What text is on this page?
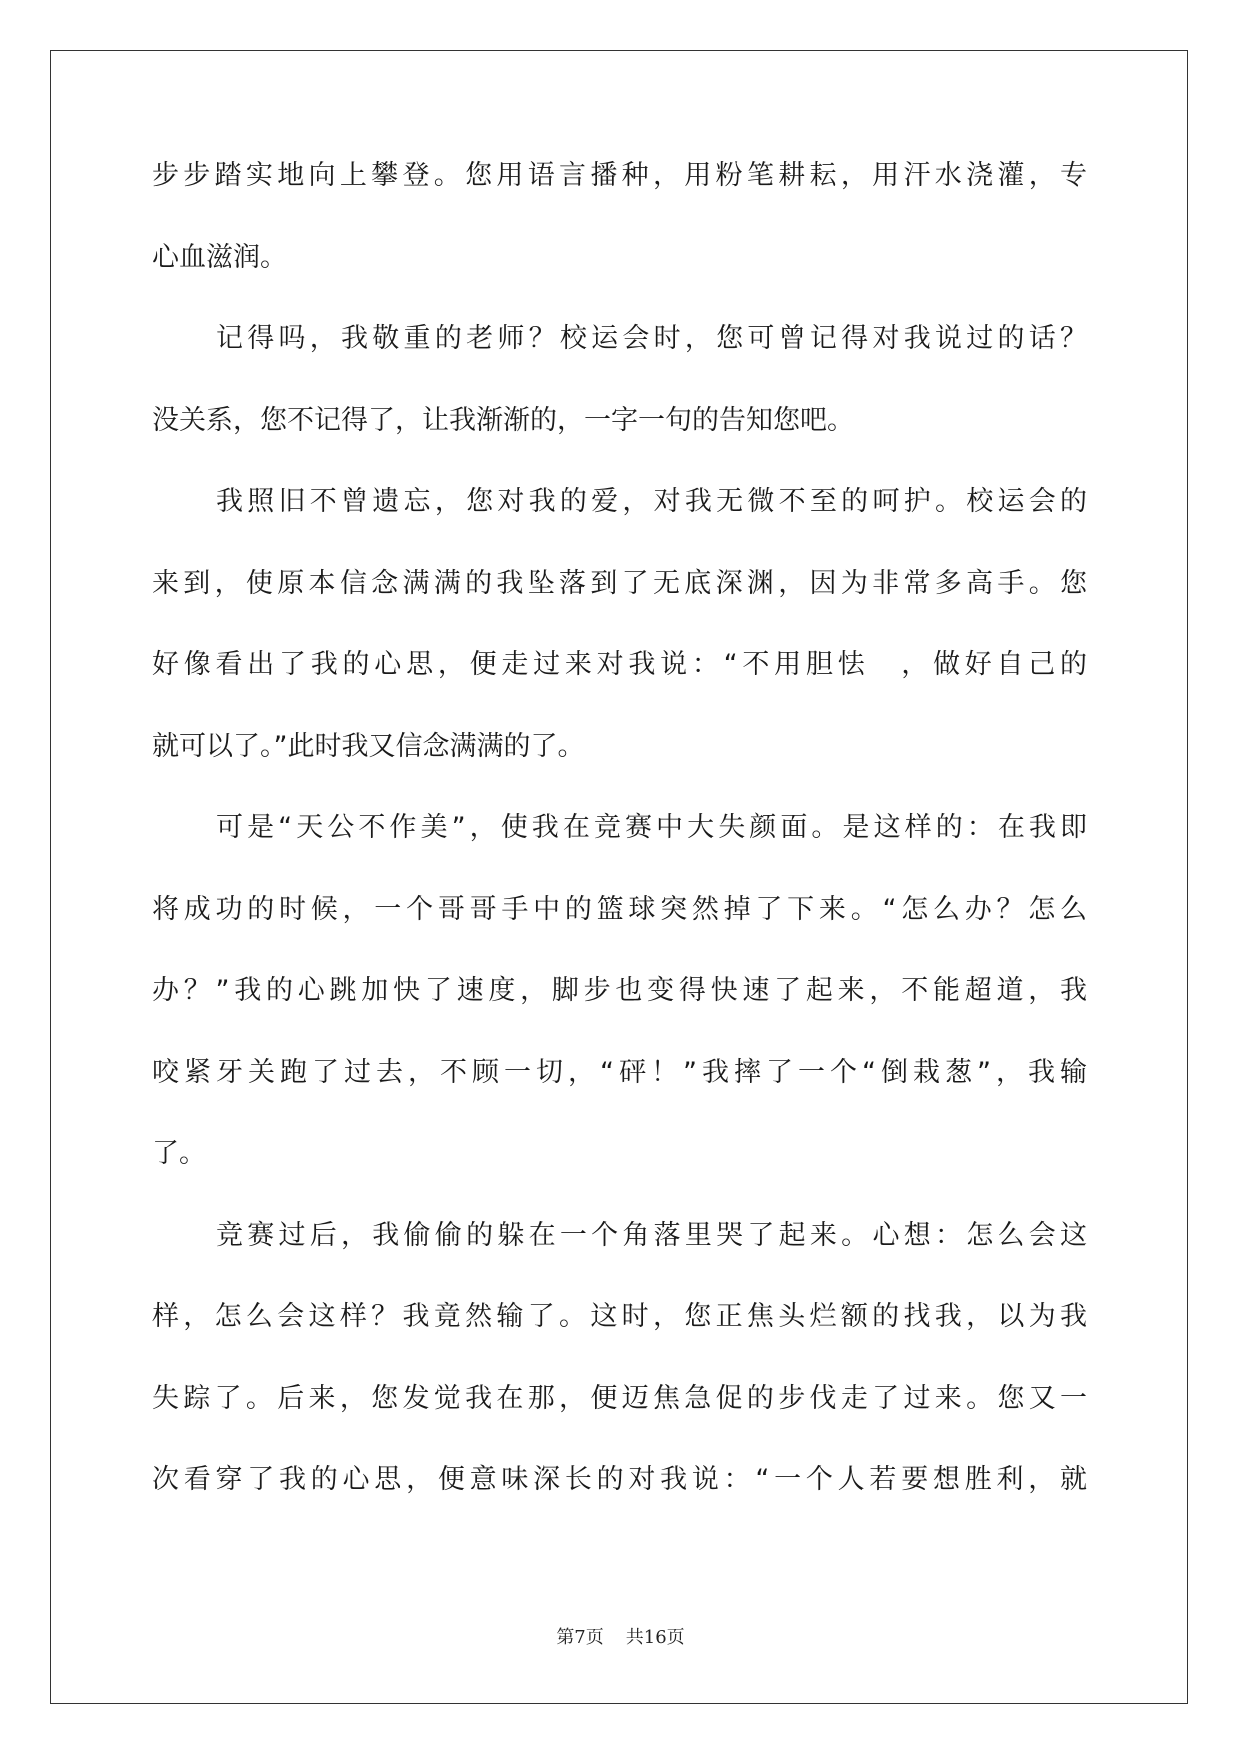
步步踏实地向上攀登。您用语言播种，用粉笔耕耘，用汗水浇灌，专
心血滋润。
记得吗，我敬重的老师？校运会时，您可曾记得对我说过的话？
没关系，您不记得了，让我渐渐的，一字一句的告知您吧。
我照旧不曾遗忘，您对我的爱，对我无微不至的呵护。校运会的
来到，使原本信念满满的我坠落到了无底深渊，因为非常多高手。您
好像看出了我的心思，便走过来对我说：“不用胆怯　，做好自己的
就可以了。”此时我又信念满满的了。
可是“天公不作美”，使我在竞赛中大失颜面。是这样的：在我即
将成功的时候，一个哥哥手中的篮球突然掉了下来。“怎么办？怎么
办？”我的心跳加快了速度，脚步也变得快速了起来，不能超道，我
咬紧牙关跑了过去，不顾一切，“砰！”我摔了一个“倒栽葱”，我输
了。
竞赛过后，我偷偷的躲在一个角落里哭了起来。心想：怎么会这
样，怎么会这样？我竟然输了。这时，您正焦头烂额的找我，以为我
失踪了。后来，您发觉我在那，便迈焦急促的步伐走了过来。您又一
次看穿了我的心思，便意味深长的对我说：“一个人若要想胜利，就
第7页 共16页
